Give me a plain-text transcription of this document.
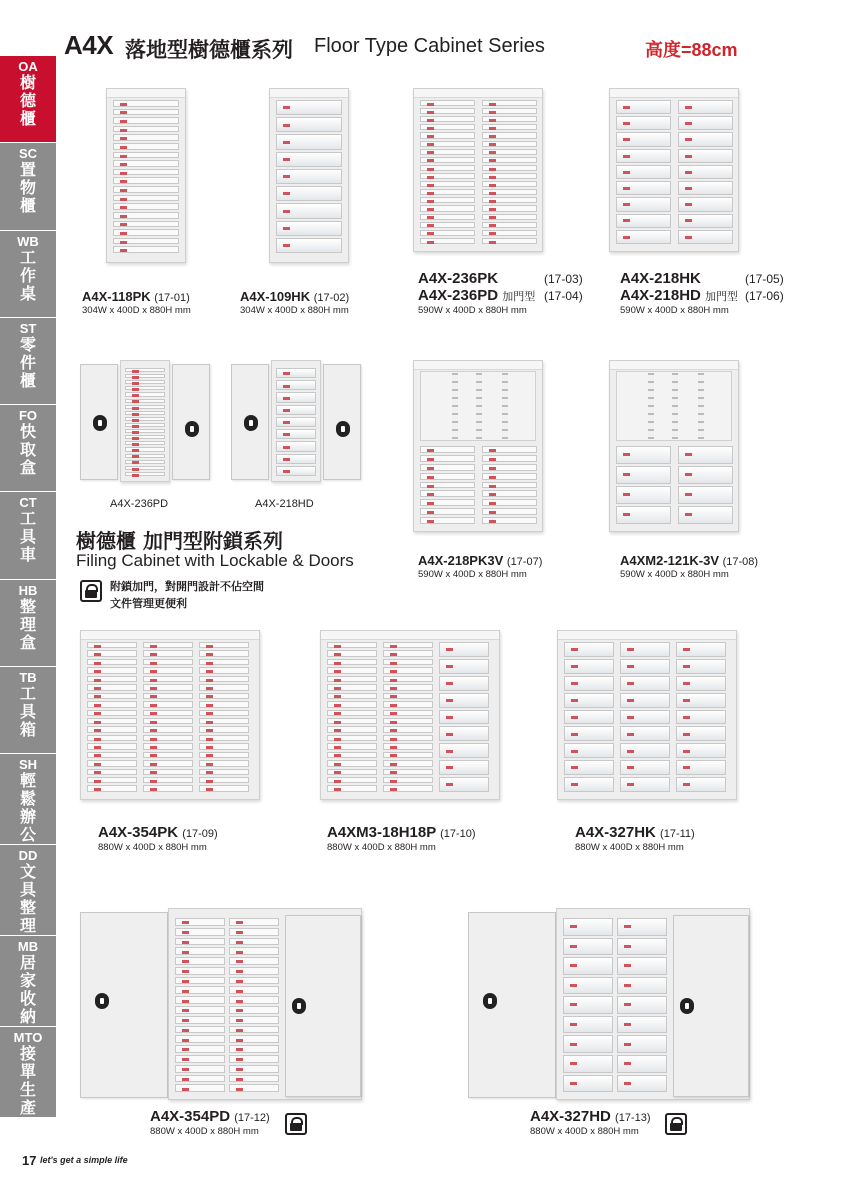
A4X 落地型樹德櫃系列 Floor Type Cabinet Series	高度=88cm
OA
樹德櫃
SC
置物櫃
WB
工作桌
ST
零件櫃
FO
快取盒
CT
工具車
HB
整理盒
TB
工具箱
SH
輕鬆辦公
DD
文具整理
MB
居家收納
MTO
接單生產
A4X-118PK (17-01)
304W x 400D x 880H mm
A4X-109HK (17-02)
304W x 400D x 880H mm
A4X-236PK	(17-03)
A4X-236PD 加門型 (17-04)
590W x 400D x 880H mm
A4X-218HK	(17-05)
A4X-218HD 加門型 (17-06)
590W x 400D x 880H mm
A4X-236PD	A4X-218HD
樹德櫃 加門型附鎖系列
Filing Cabinet with Lockable & Doors
附鎖加門，對開門設計不佔空間
文件管理更便利
A4X-218PK3V (17-07)
590W x 400D x 880H mm
A4XM2-121K-3V (17-08)
590W x 400D x 880H mm
A4X-354PK (17-09)
880W x 400D x 880H mm
A4XM3-18H18P (17-10)
880W x 400D x 880H mm
A4X-327HK (17-11)
880W x 400D x 880H mm
A4X-354PD (17-12)
880W x 400D x 880H mm
A4X-327HD (17-13)
880W x 400D x 880H mm
17 let's get a simple life
